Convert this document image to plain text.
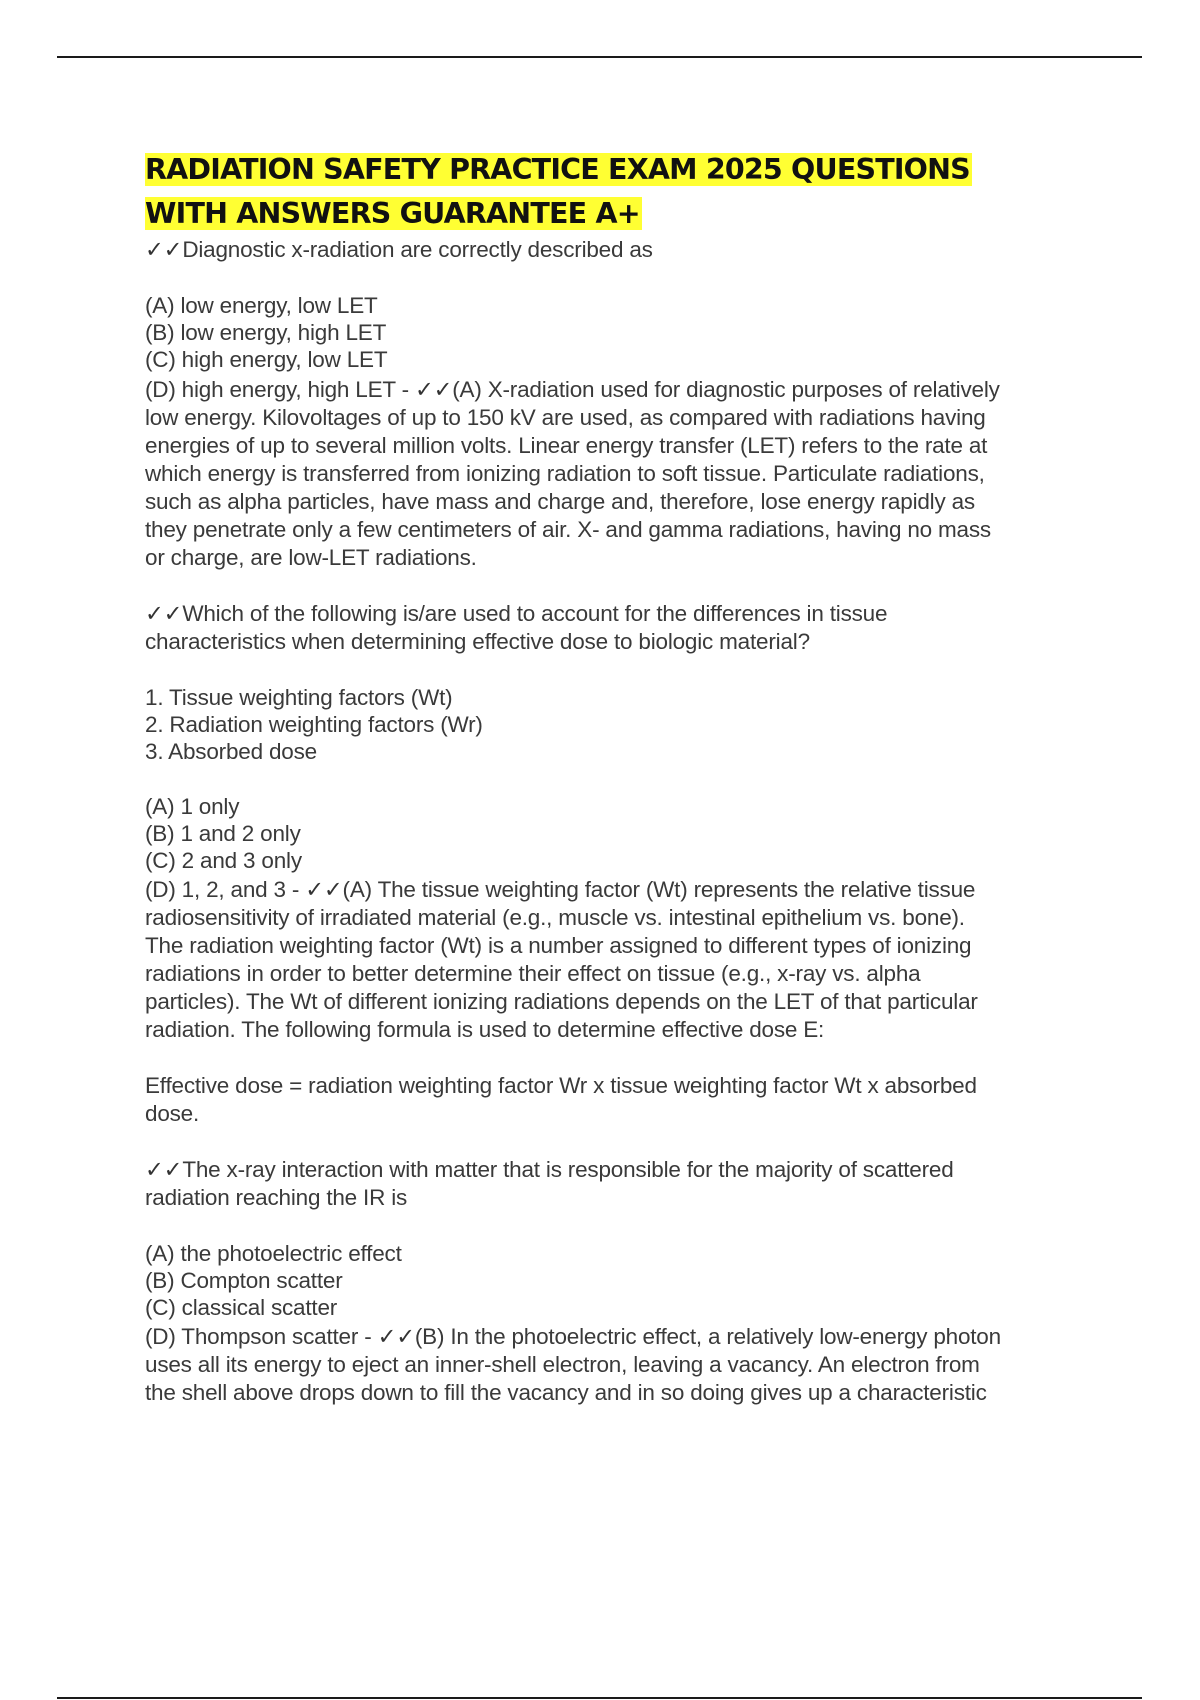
RADIATION SAFETY PRACTICE EXAM 2025 QUESTIONS
WITH ANSWERS GUARANTEE A+

✓✓Diagnostic x-radiation are correctly described as

(A) low energy, low LET

(B) low energy, high LET

(C) high energy, low LET

(D) high energy, high LET - ✓✓(A) X-radiation used for diagnostic purposes of relatively

low energy. Kilovoltages of up to 150 kV are used, as compared with radiations having

energies of up to several million volts. Linear energy transfer (LET) refers to the rate at

which energy is transferred from ionizing radiation to soft tissue. Particulate radiations,

such as alpha particles, have mass and charge and, therefore, lose energy rapidly as

they penetrate only a few centimeters of air. X- and gamma radiations, having no mass

or charge, are low-LET radiations.

✓✓Which of the following is/are used to account for the differences in tissue

characteristics when determining effective dose to biologic material?

1. Tissue weighting factors (Wt)

2. Radiation weighting factors (Wr)

3. Absorbed dose

(A) 1 only

(B) 1 and 2 only

(C) 2 and 3 only

(D) 1, 2, and 3 - ✓✓(A) The tissue weighting factor (Wt) represents the relative tissue

radiosensitivity of irradiated material (e.g., muscle vs. intestinal epithelium vs. bone).

The radiation weighting factor (Wt) is a number assigned to different types of ionizing

radiations in order to better determine their effect on tissue (e.g., x-ray vs. alpha

particles). The Wt of different ionizing radiations depends on the LET of that particular

radiation. The following formula is used to determine effective dose E:

Effective dose = radiation weighting factor Wr x tissue weighting factor Wt x absorbed

dose.

✓✓The x-ray interaction with matter that is responsible for the majority of scattered

radiation reaching the IR is

(A) the photoelectric effect

(B) Compton scatter

(C) classical scatter

(D) Thompson scatter - ✓✓(B) In the photoelectric effect, a relatively low-energy photon

uses all its energy to eject an inner-shell electron, leaving a vacancy. An electron from

the shell above drops down to fill the vacancy and in so doing gives up a characteristic
